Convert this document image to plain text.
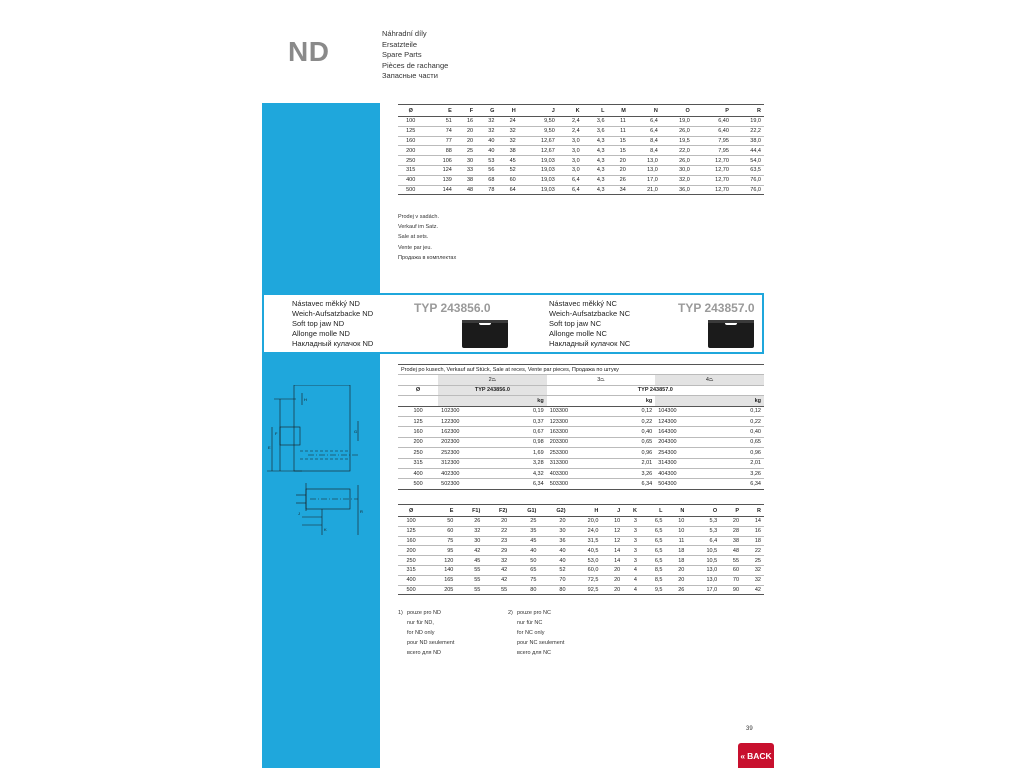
ND
Náhradní díly
Ersatzteile
Spare Parts
Pièces de rachange
Запасные части
Ø	E	F	G	H	J	K	L	M	N	O	P	R
100	51	16	32	24	9,50	2,4	3,6	11	6,4	19,0	6,40	19,0
125	74	20	32	32	9,50	2,4	3,6	11	6,4	26,0	6,40	22,2
160	77	20	40	32	12,67	3,0	4,3	15	8,4	19,5	7,95	38,0
200	88	25	40	38	12,67	3,0	4,3	15	8,4	22,0	7,95	44,4
250	106	30	53	45	19,03	3,0	4,3	20	13,0	26,0	12,70	54,0
315	124	33	56	52	19,03	3,0	4,3	20	13,0	30,0	12,70	63,5
400	139	38	68	60	19,03	6,4	4,3	26	17,0	32,0	12,70	76,0
500	144	48	78	64	19,03	6,4	4,3	34	21,0	36,0	12,70	76,0
Prodej v sadách.
Verkauf im Satz.
Sale at sets.
Vente par jeu.
Продажа в комплектах
Nástavec měkký ND
Weich-Aufsatzbacke ND
Soft top jaw ND
Allonge molle ND
Накладный кулачок ND
TYP 243856.0	Nástavec měkký NC
Weich-Aufsatzbacke NC
Soft top jaw NC
Allonge molle NC
Накладный кулачок NC
TYP 243857.0
E
F	G
H
J
K
R
Prodej po kusech, Verkauf auf Stück, Sale at reces, Vente par pieces, Продажа по штуку						
	2⏢		3⏢		4⏢	
Ø	TYP 243856.0		TYP 243857.0			
		kg		kg		kg
100	102300	0,19	103300	0,12	104300	0,12
125	122300	0,37	123300	0,22	124300	0,22
160	162300	0,67	163300	0,40	164300	0,40
200	202300	0,98	203300	0,65	204300	0,65
250	252300	1,69	253300	0,96	254300	0,96
315	312300	3,28	313300	2,01	314300	2,01
400	402300	4,32	403300	3,26	404300	3,26
500	502300	6,34	503300	6,34	504300	6,34
Ø	E	F1)	F2)	G1)	G2)	H	J	K	L	N	O	P	R
100	50	26	20	25	20	20,0	10	3	6,5	10	5,3	20	14
125	60	32	22	35	30	24,0	12	3	6,5	10	5,3	28	16
160	75	30	23	45	36	31,5	12	3	6,5	11	6,4	38	18
200	95	42	29	40	40	40,5	14	3	6,5	18	10,5	48	22
250	120	45	32	50	40	53,0	14	3	6,5	18	10,5	55	25
315	140	55	42	65	52	60,0	20	4	8,5	20	13,0	60	32
400	165	55	42	75	70	72,5	20	4	8,5	20	13,0	70	32
500	205	55	55	80	80	92,5	20	4	9,5	26	17,0	90	42
1) pouze pro ND
nur für ND,
for ND only
pour ND seulement
всего для ND
2) pouze pro NC
nur für NC
for NC only
pour NC seulement
всего для NC
39
« BACK
